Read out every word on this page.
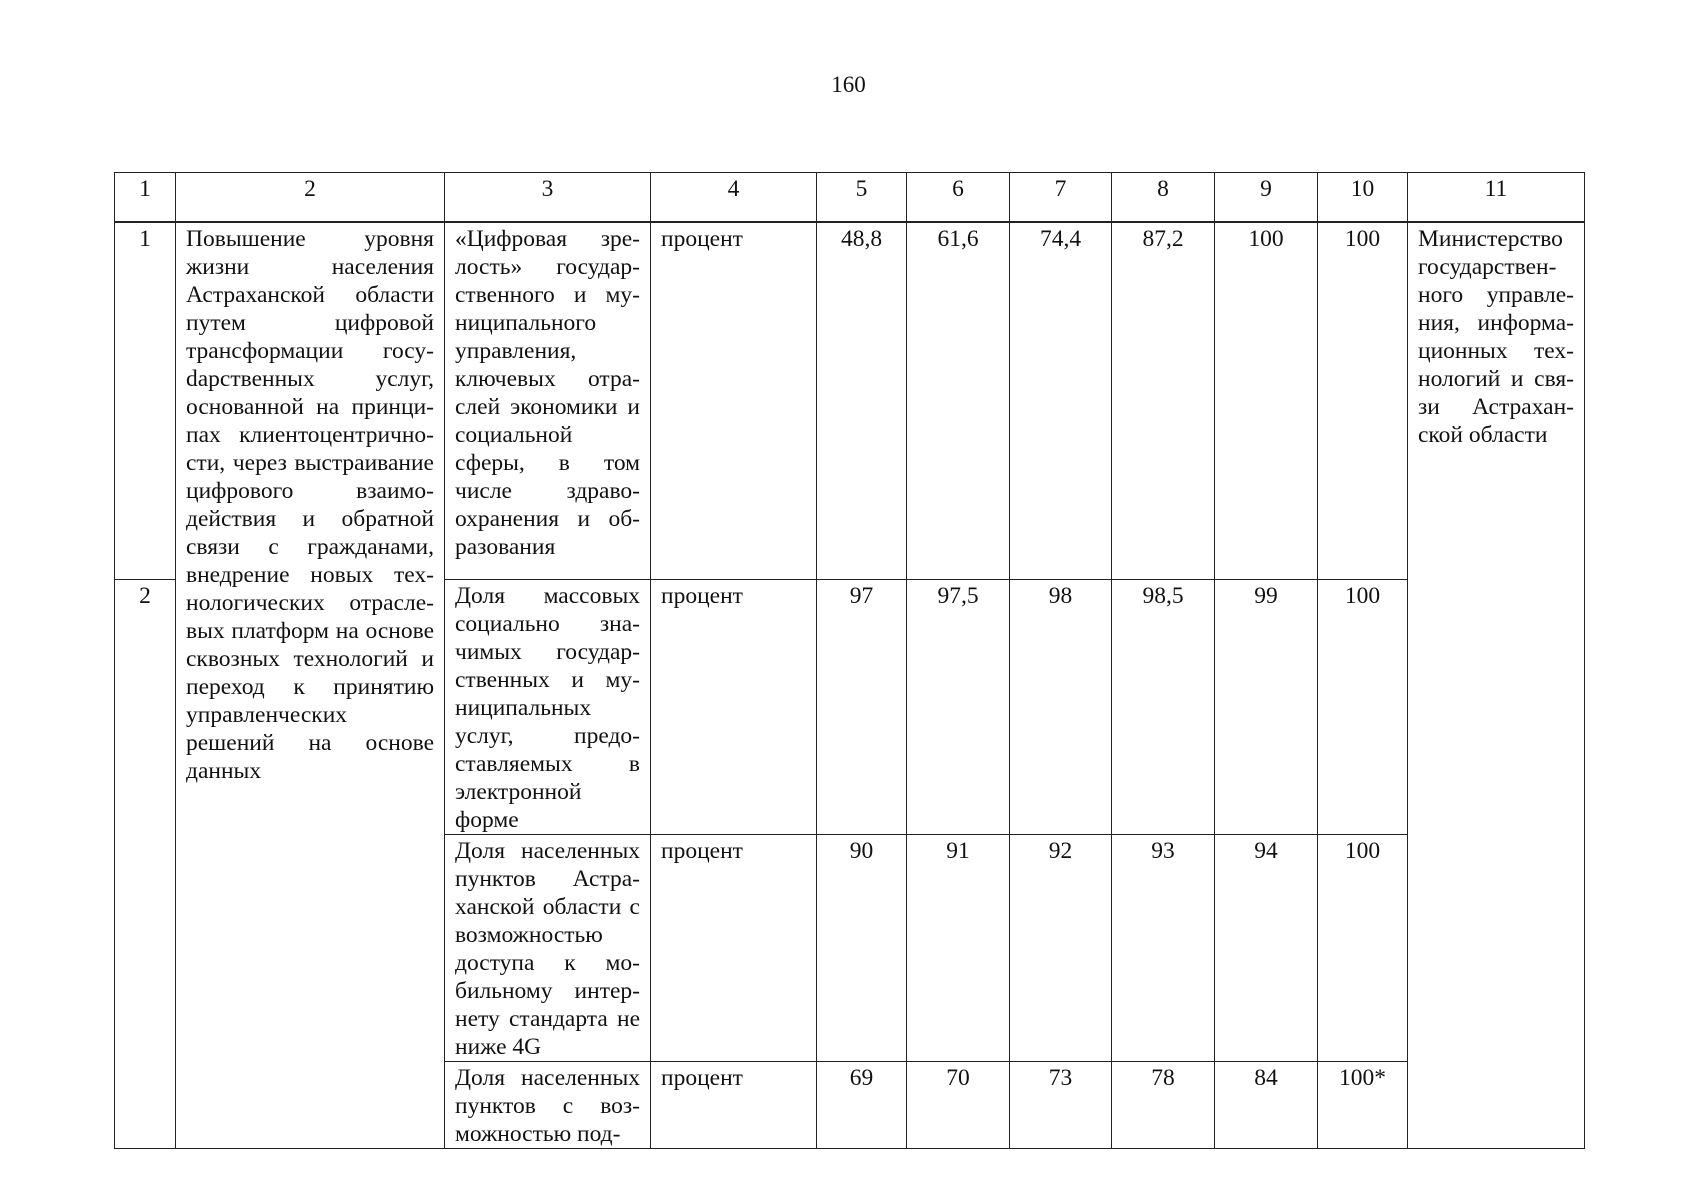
160
1	2	3	4	5	6	7	8	9	10	11
1	Повышение уровня жизни населения Астраханской области путем цифровой трансформации госуdарственных услуг, основанной на принципах клиентоцентричности, через выстраивание цифрового взаимодействия и обратной связи с гражданами, внедрение новых технологических отраслевых платформ на основе сквозных технологий и переход к принятию управленческих решений на основе данных	«Цифровая зрелость» государственного и муниципального управления, ключевых отраслей экономики и социальной сферы, в том числе здравоохранения и образования	процент	48,8	61,6	74,4	87,2	100	100	Министерство государственного управления, информационных технологий и связи Астраханской области
2		Доля массовых социально значимых государственных и муниципальных услуг, предоставляемых в электронной форме	процент	97	97,5	98	98,5	99	100	
		Доля населенных пунктов Астраханской области с возможностью доступа к мобильному интернету стандарта не ниже 4G	процент	90	91	92	93	94	100	
		Доля населенных пунктов с возможностью под-	процент	69	70	73	78	84	100*	
